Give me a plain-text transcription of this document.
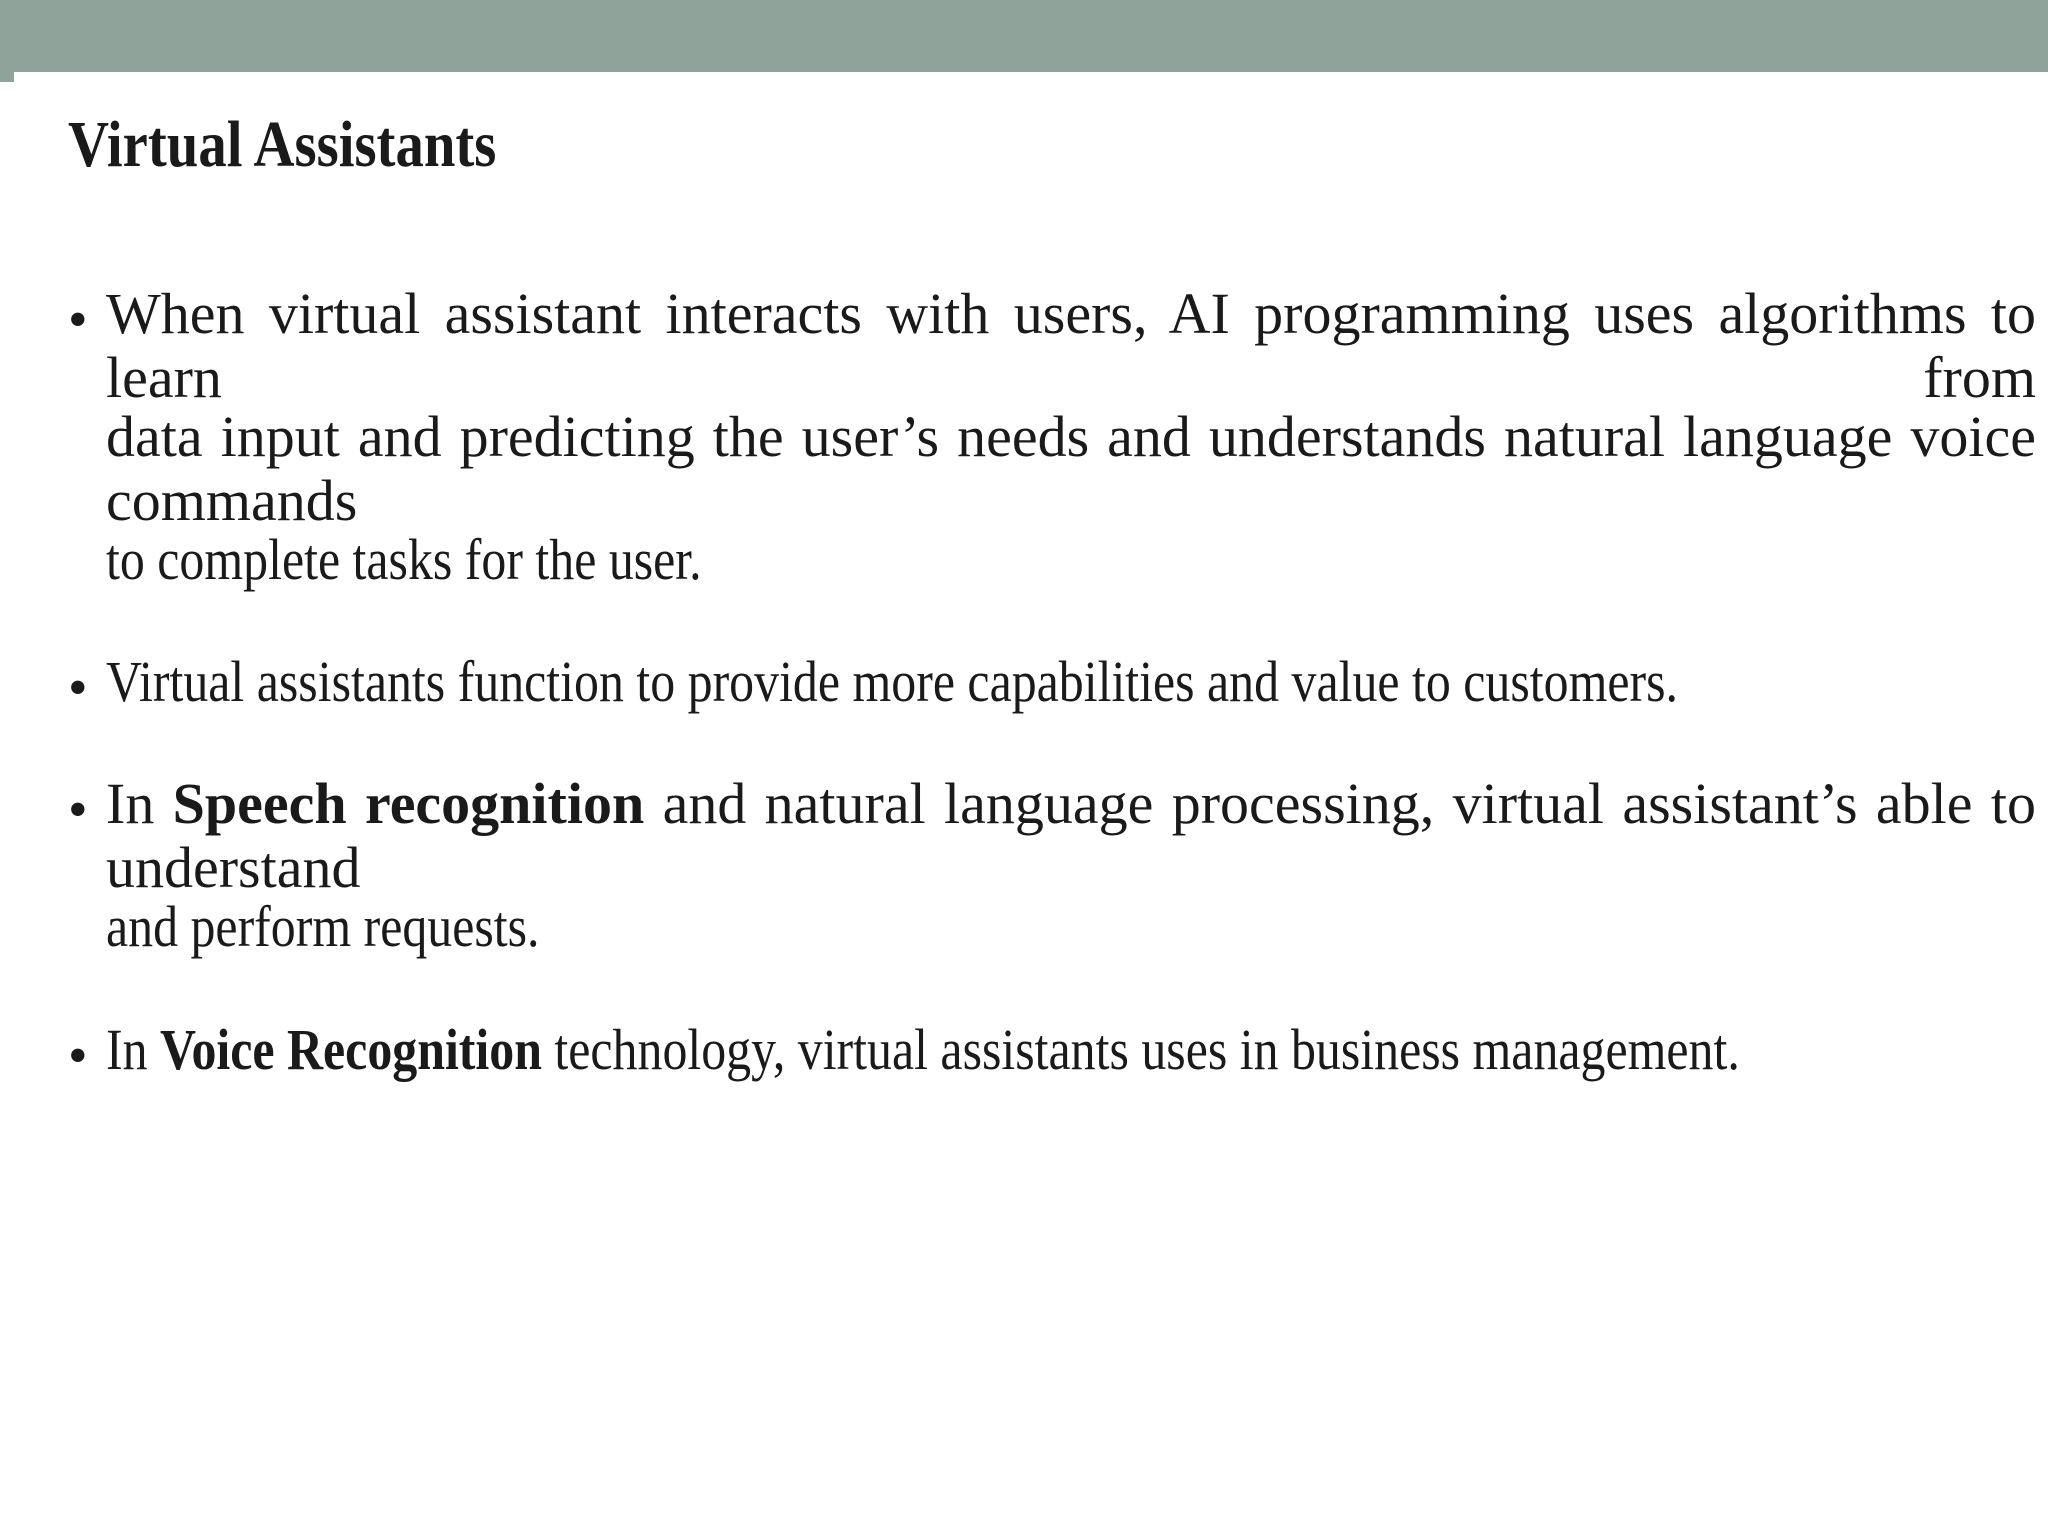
Virtual Assistants
• When virtual assistant interacts with users, AI programming uses algorithms to learn from

data input and predicting the user’s needs and understands natural language voice commands

to complete tasks for the user.

• Virtual assistants function to provide more capabilities and value to customers.

• In Speech recognition and natural language processing, virtual assistant’s able to understand

and perform requests.

• In Voice Recognition technology, virtual assistants uses in business management.
